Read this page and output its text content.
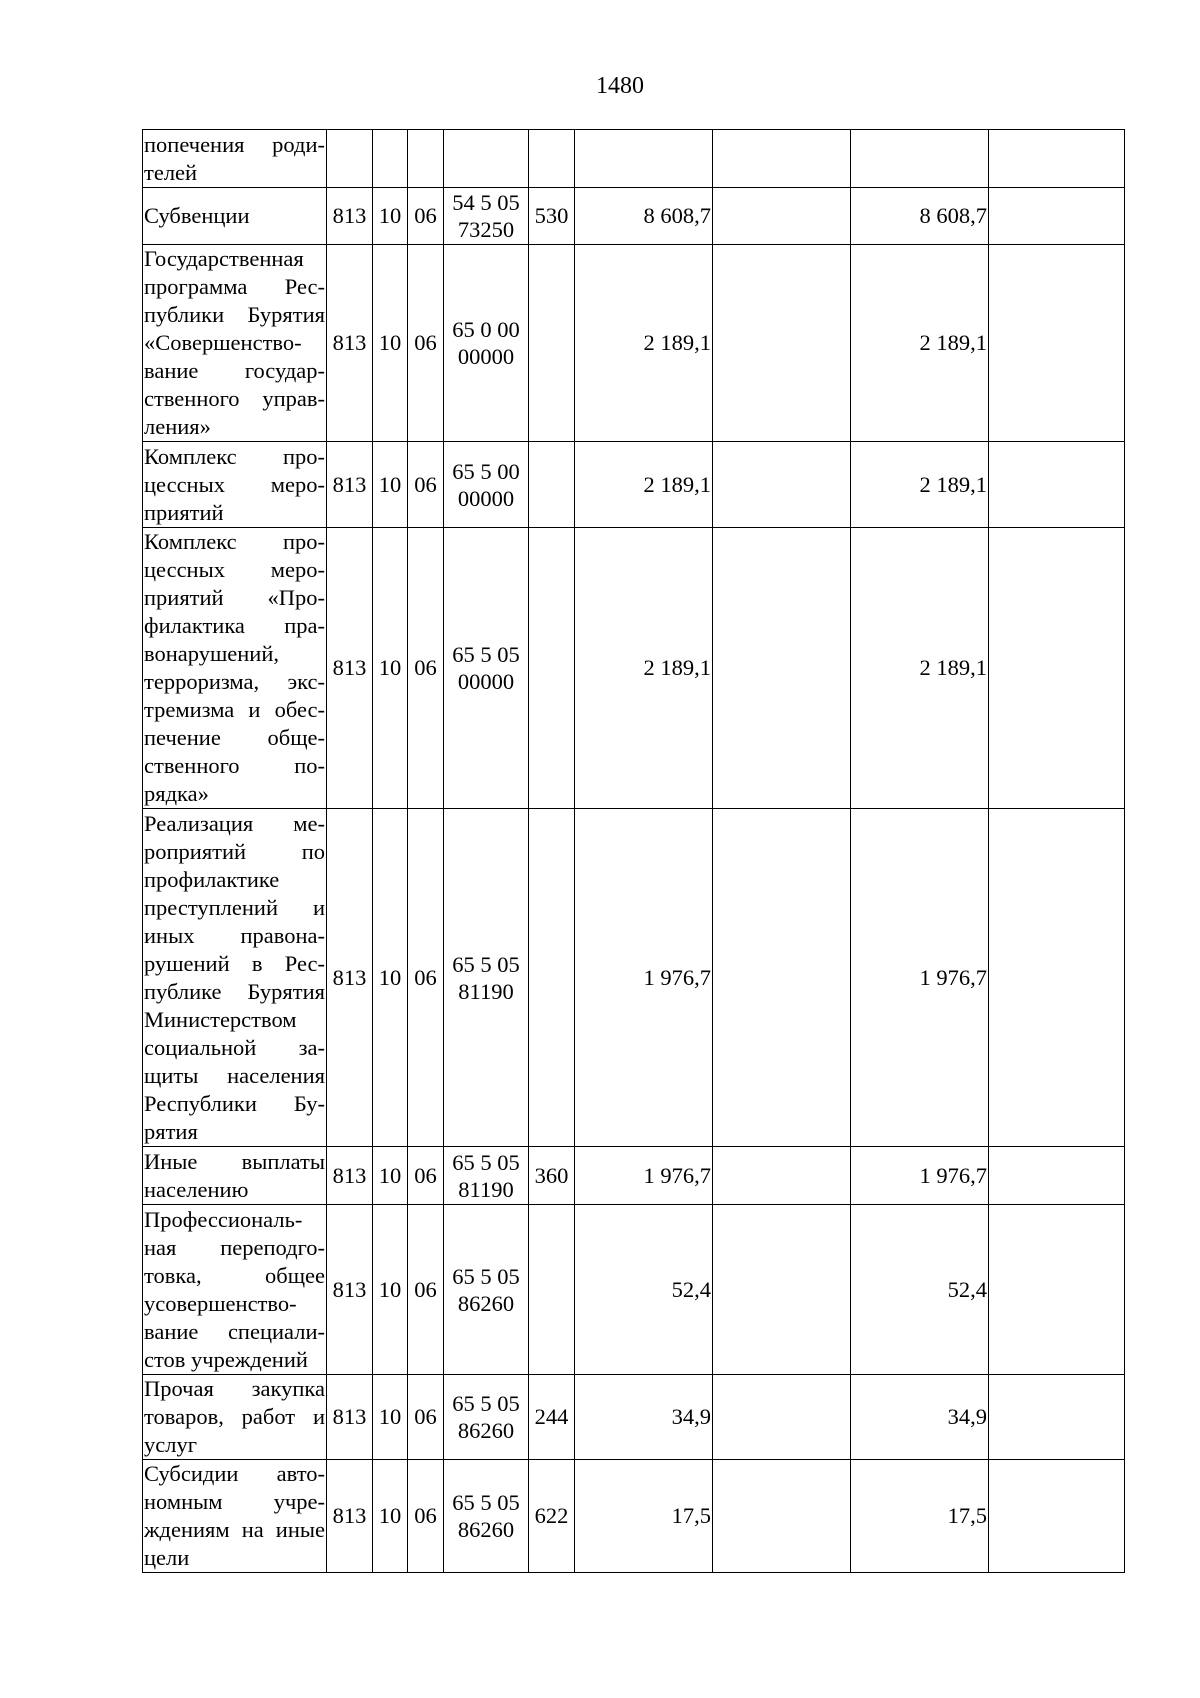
1480
попечения роди-телей									
Субвенции	813	10	06	54 5 05 73250	530	8 608,7		8 608,7	
Государственная программа Рес-публики Бурятия «Совершенство-вание государ-ственного управ-ления»	813	10	06	65 0 00 00000		2 189,1		2 189,1	
Комплекс про-цессных меро-приятий	813	10	06	65 5 00 00000		2 189,1		2 189,1	
Комплекс про-цессных меро-приятий «Про-филактика пра-вонарушений, терроризма, экс-тремизма и обес-печение обще-ственного по-рядка»	813	10	06	65 5 05 00000		2 189,1		2 189,1	
Реализация ме-роприятий по профилактике преступлений и иных правона-рушений в Рес-публике Бурятия Министерством социальной за-щиты населения Республики Бу-рятия	813	10	06	65 5 05 81190		1 976,7		1 976,7	
Иные выплаты населению	813	10	06	65 5 05 81190	360	1 976,7		1 976,7	
Профессиональ-ная переподго-товка, общее усовершенство-вание специали-стов учреждений	813	10	06	65 5 05 86260		52,4		52,4	
Прочая закупка товаров, работ и услуг	813	10	06	65 5 05 86260	244	34,9		34,9	
Субсидии авто-номным учре-ждениям на иные цели	813	10	06	65 5 05 86260	622	17,5		17,5	
